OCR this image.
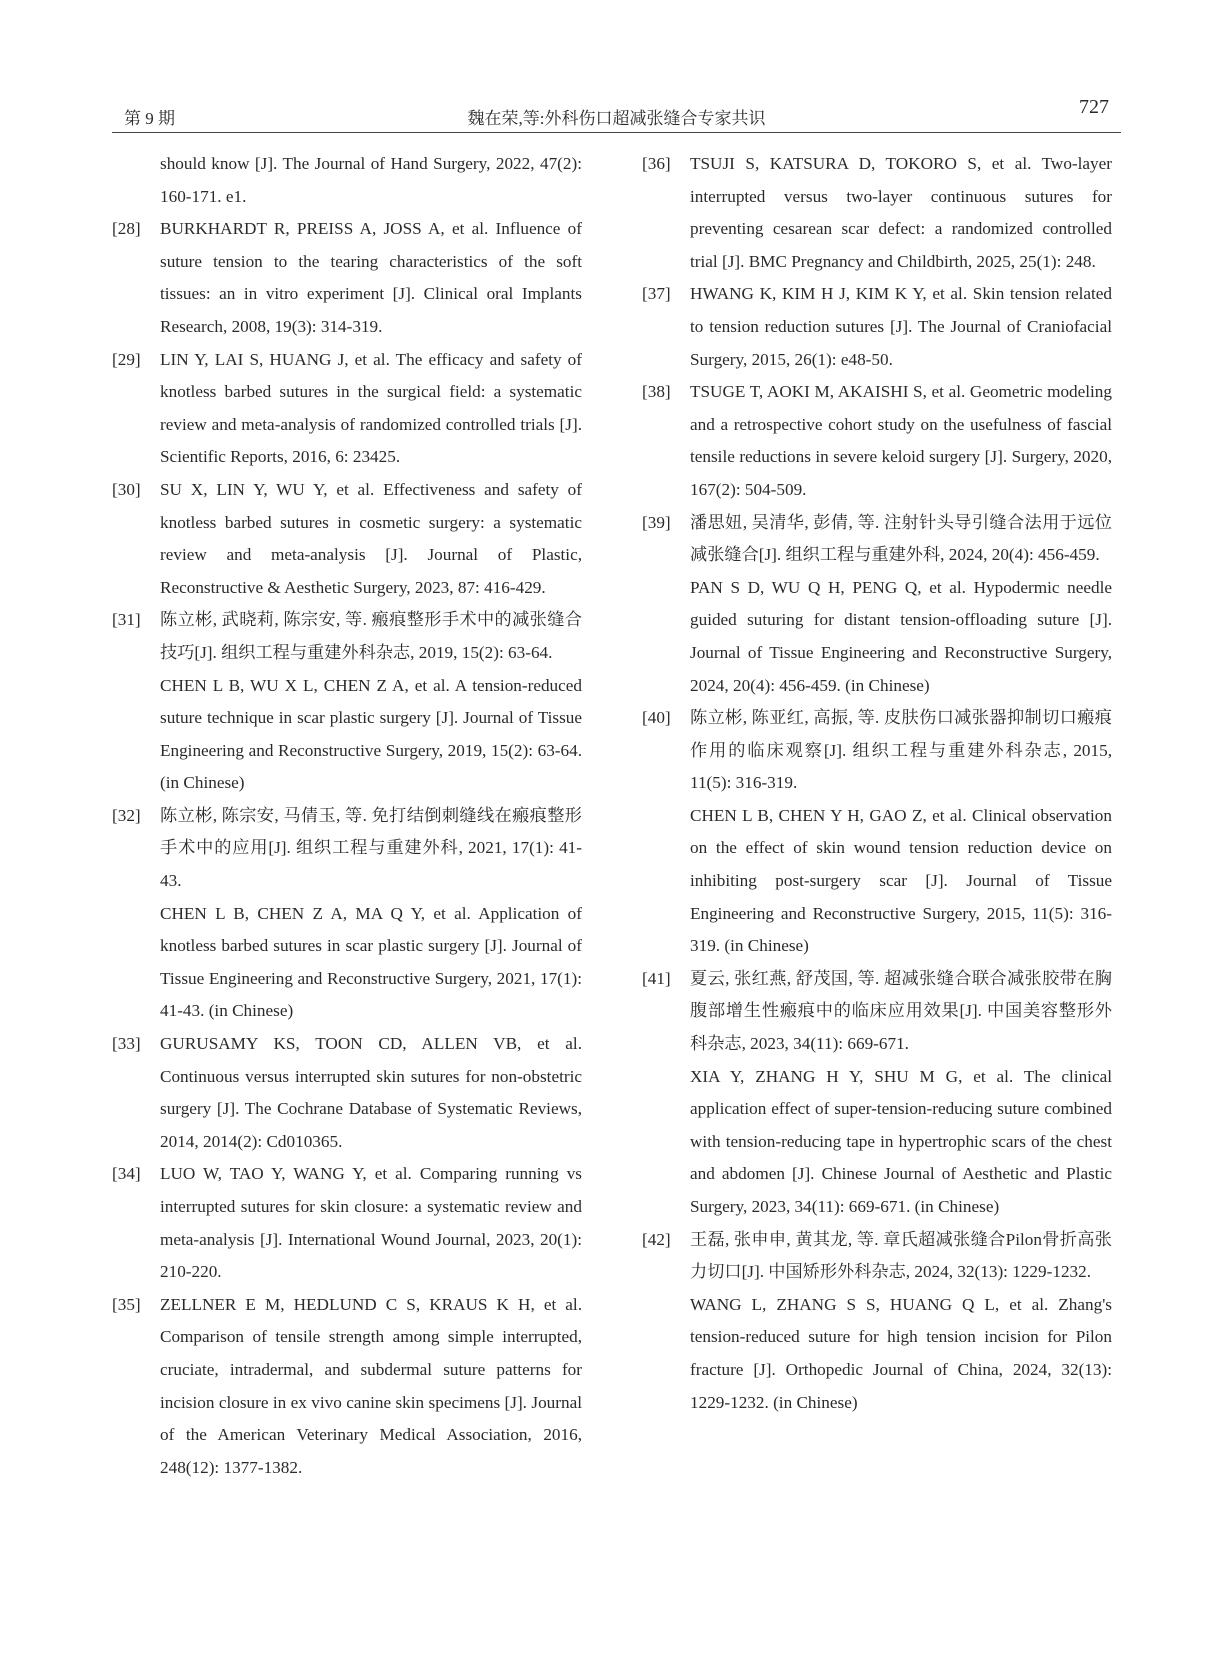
第 9 期	魏在荣,等:外科伤口超减张缝合专家共识
727

should know [J]. The Journal of Hand Surgery, 2022, 47(2): 160-171. e1.

[28]	BURKHARDT R, PREISS A, JOSS A, et al. Influence of suture tension to the tearing characteristics of the soft tissues: an in vitro experiment [J]. Clinical oral Implants Research, 2008, 19(3): 314-319.

[29]	LIN Y, LAI S, HUANG J, et al. The efficacy and safety of knotless barbed sutures in the surgical field: a systematic review and meta-analysis of randomized controlled trials [J]. Scientific Reports, 2016, 6: 23425.

[30]	SU X, LIN Y, WU Y, et al. Effectiveness and safety of knotless barbed sutures in cosmetic surgery: a systematic review and meta-analysis [J]. Journal of Plastic, Reconstructive & Aesthetic Surgery, 2023, 87: 416-429.

[31]	陈立彬, 武晓莉, 陈宗安, 等. 瘢痕整形手术中的减张缝合技巧[J]. 组织工程与重建外科杂志, 2019, 15(2): 63-64.

CHEN L B, WU X L, CHEN Z A, et al. A tension-reduced suture technique in scar plastic surgery [J]. Journal of Tissue Engineering and Reconstructive Surgery, 2019, 15(2): 63-64. (in Chinese)

[32]	陈立彬, 陈宗安, 马倩玉, 等. 免打结倒刺缝线在瘢痕整形手术中的应用[J]. 组织工程与重建外科, 2021, 17(1): 41-43.

CHEN L B, CHEN Z A, MA Q Y, et al. Application of knotless barbed sutures in scar plastic surgery [J]. Journal of Tissue Engineering and Reconstructive Surgery, 2021, 17(1): 41-43. (in Chinese)

[33]	GURUSAMY KS, TOON CD, ALLEN VB, et al. Continuous versus interrupted skin sutures for non-obstetric surgery [J]. The Cochrane Database of Systematic Reviews, 2014, 2014(2): Cd010365.

[34]	LUO W, TAO Y, WANG Y, et al. Comparing running vs interrupted sutures for skin closure: a systematic review and meta-analysis [J]. International Wound Journal, 2023, 20(1): 210-220.

[35]	ZELLNER E M, HEDLUND C S, KRAUS K H, et al. Comparison of tensile strength among simple interrupted, cruciate, intradermal, and subdermal suture patterns for incision closure in ex vivo canine skin specimens [J]. Journal of the American Veterinary Medical Association, 2016, 248(12): 1377-1382.

[36]	TSUJI S, KATSURA D, TOKORO S, et al. Two-layer interrupted versus two-layer continuous sutures for preventing cesarean scar defect: a randomized controlled trial [J]. BMC Pregnancy and Childbirth, 2025, 25(1): 248.

[37]	HWANG K, KIM H J, KIM K Y, et al. Skin tension related to tension reduction sutures [J]. The Journal of Craniofacial Surgery, 2015, 26(1): e48-50.

[38]	TSUGE T, AOKI M, AKAISHI S, et al. Geometric modeling and a retrospective cohort study on the usefulness of fascial tensile reductions in severe keloid surgery [J]. Surgery, 2020, 167(2): 504-509.

[39]	潘思妞, 吴清华, 彭倩, 等. 注射针头导引缝合法用于远位减张缝合[J]. 组织工程与重建外科, 2024, 20(4): 456-459.

PAN S D, WU Q H, PENG Q, et al. Hypodermic needle guided suturing for distant tension-offloading suture [J]. Journal of Tissue Engineering and Reconstructive Surgery, 2024, 20(4): 456-459. (in Chinese)

[40]	陈立彬, 陈亚红, 高振, 等. 皮肤伤口减张器抑制切口瘢痕作用的临床观察[J]. 组织工程与重建外科杂志, 2015, 11(5): 316-319.

CHEN L B, CHEN Y H, GAO Z, et al. Clinical observation on the effect of skin wound tension reduction device on inhibiting post-surgery scar [J]. Journal of Tissue Engineering and Reconstructive Surgery, 2015, 11(5): 316-319. (in Chinese)

[41]	夏云, 张红燕, 舒茂国, 等. 超减张缝合联合减张胶带在胸腹部增生性瘢痕中的临床应用效果[J]. 中国美容整形外科杂志, 2023, 34(11): 669-671.

XIA Y, ZHANG H Y, SHU M G, et al. The clinical application effect of super-tension-reducing suture combined with tension-reducing tape in hypertrophic scars of the chest and abdomen [J]. Chinese Journal of Aesthetic and Plastic Surgery, 2023, 34(11): 669-671. (in Chinese)

[42]	王磊, 张申申, 黄其龙, 等. 章氏超减张缝合Pilon骨折高张力切口[J]. 中国矫形外科杂志, 2024, 32(13): 1229-1232.

WANG L, ZHANG S S, HUANG Q L, et al. Zhang's tension-reduced suture for high tension incision for Pilon fracture [J]. Orthopedic Journal of China, 2024, 32(13): 1229-1232. (in Chinese)
